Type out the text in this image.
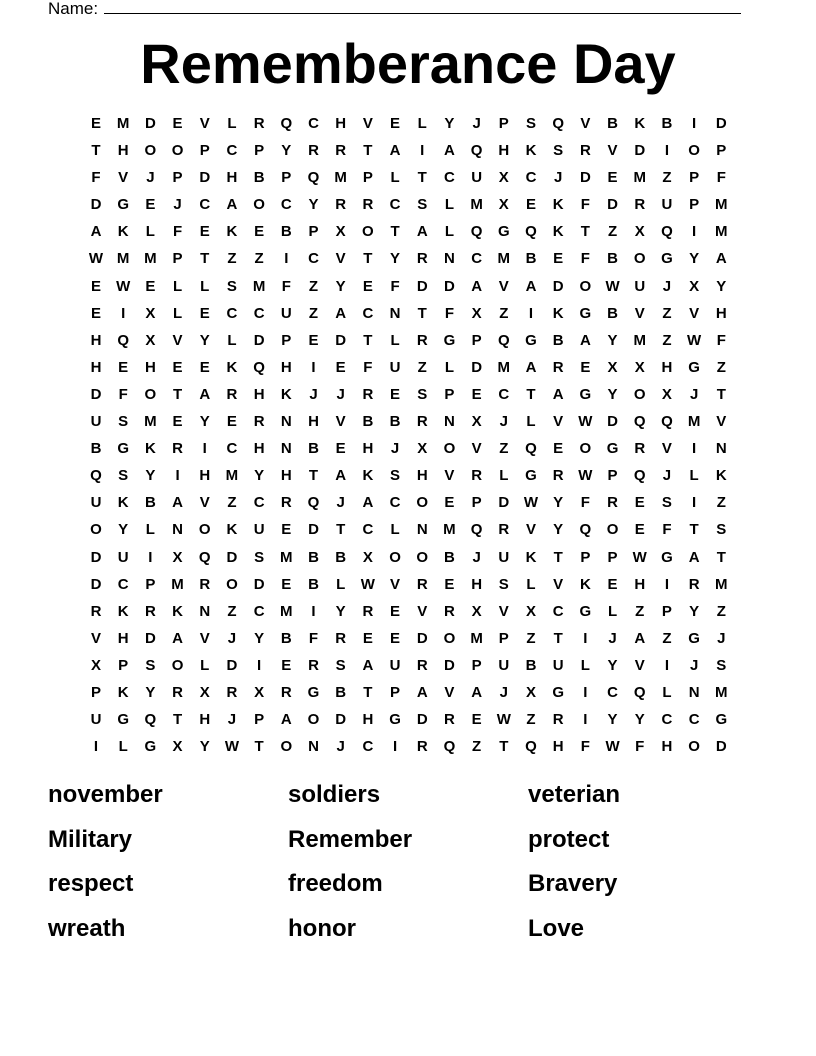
Name:
Rememberance Day
E	M	D	E	V	L	R	Q	C	H	V	E	L	Y	J	P	S	Q	V	B	K	B	I	D
T	H	O	O	P	C	P	Y	R	R	T	A	I	A	Q	H	K	S	R	V	D	I	O	P
F	V	J	P	D	H	B	P	Q	M	P	L	T	C	U	X	C	J	D	E	M	Z	P	F
D	G	E	J	C	A	O	C	Y	R	R	C	S	L	M	X	E	K	F	D	R	U	P	M
A	K	L	F	E	K	E	B	P	X	O	T	A	L	Q	G	Q	K	T	Z	X	Q	I	M
W M M	P	T	Z	Z	I	C	V	T	Y	R	N	C	M	B	E	F	B	O	G	Y	A
E	W	E	L	L	S	M	F	Z	Y	E	F	D	D	A	V	A	D	O W U	J	X	Y
E	I	X	L	E	C	C	U	Z	A	C	N	T	F	X	Z	I	K	G	B	V	Z	V	H
H	Q	X	V	Y	L	D	P	E	D	T	L	R	G	P	Q	G	B	A	Y	M	Z	W	F
H	E	H	E	E	K	Q	H	I	E	F	U	Z	L	D	M	A	R	E	X	X	H	G	Z
D	F	O	T	A	R	H	K	J	J	R	E	S	P	E	C	T	A	G	Y	O	X	J	T
U	S	M	E	Y	E	R	N	H	V	B	B	R	N	X	J	L	V	W D	Q	Q	M	V
B	G	K	R	I	C	H	N	B	E	H	J	X	O	V	Z	Q	E	O	G	R	V	I	N
Q	S	Y	I	H	M	Y	H	T	A	K	S	H	V	R	L	G	R W	P	Q	J	L	K
U	K	B	A	V	Z	C	R	Q	J	A	C	O	E	P	D W	Y	F	R	E	S	I	Z
O	Y	L	N	O	K	U	E	D	T	C	L	N	M	Q	R	V	Y	Q	O	E	F	T	S
D	U	I	X	Q	D	S	M	B	B	X	O	O	B	J	U	K	T	P	P	W G	A	T
D	C	P	M	R	O	D	E	B	L	W	V	R	E	H	S	L	V	K	E	H	I	R	M
R	K	R	K	N	Z	C	M	I	Y	R	E	V	R	X	V	X	C	G	L	Z	P	Y	Z
V	H	D	A	V	J	Y	B	F	R	E	E	D	O	M	P	Z	T	I	J	A	Z	G	J
X	P	S	O	L	D	I	E	R	S	A	U	R	D	P	U	B	U	L	Y	V	I	J	S
P	K	Y	R	X	R	X	R	G	B	T	P	A	V	A	J	X	G	I	C	Q	L	N	M
U	G	Q	T	H	J	P	A	O	D	H	G	D	R	E	W	Z	R	I	Y	Y	C	C	G
I	L	G	X	Y	W	T	O	N	J	C	I	R	Q	Z	T	Q	H	F	W	F	H	O	D
november	soldiers	veterian
Military	Remember	protect
respect	freedom	Bravery
wreath	honor	Love
